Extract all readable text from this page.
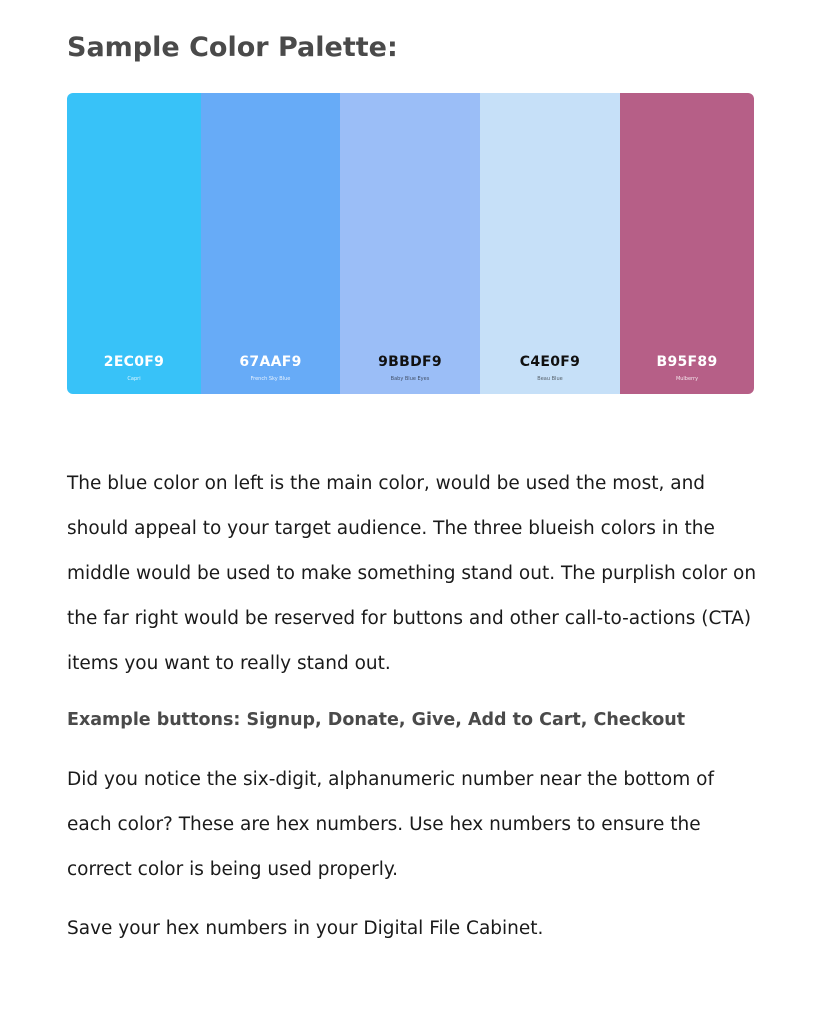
Sample Color Palette:
2EC0F9
Capri
67AAF9
French Sky Blue
9BBDF9
Baby Blue Eyes
C4E0F9
Beau Blue
B95F89
Mulberry

The blue color on left is the main color, would be used the most, and should appeal to your target audience. The three blueish colors in the middle would be used to make something stand out. The purplish color on the far right would be reserved for buttons and other call-to-actions (CTA) items you want to really stand out.

Example buttons: Signup, Donate, Give, Add to Cart, Checkout

Did you notice the six-digit, alphanumeric number near the bottom of each color? These are hex numbers. Use hex numbers to ensure the correct color is being used properly.

Save your hex numbers in your Digital File Cabinet.
